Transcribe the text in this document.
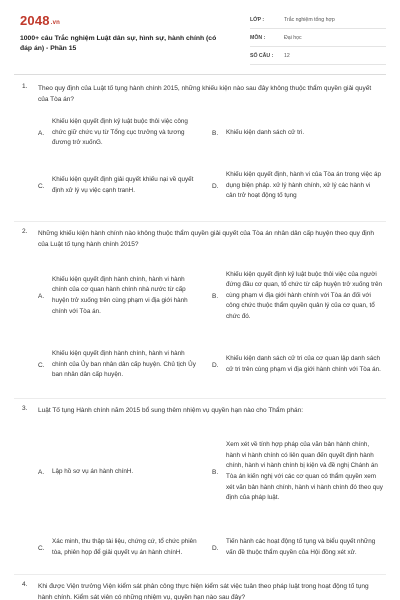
2048.vn
1000+ câu Trắc nghiệm Luật dân sự, hình sự, hành chính (có đáp án) - Phần 15
LỚP :	Trắc nghiệm tổng hợp
MÔN :	Đại học
SỐ CÂU :	12
1. Theo quy định của Luật tố tụng hành chính 2015, những khiếu kiện nào sau đây không thuộc thẩm quyền giải quyết của Tòa án?
A.
Khiếu kiện quyết định kỷ luật buộc thôi việc công chức giữ chức vụ từ Tổng cục trưởng và tương đương trở xuốnG.
B.	Khiếu kiện danh sách cử tri.
C.
Khiếu kiện quyết định giải quyết khiếu nại về quyết định xử lý vụ việc cạnh tranH.
D.
Khiếu kiện quyết định, hành vi của Tòa án trong việc áp dụng biện pháp. xử lý hành chính, xử lý các hành vi cản trở hoạt động tố tụng
2. Những khiếu kiện hành chính nào không thuộc thẩm quyền giải quyết của Tòa án nhân dân cấp huyện theo quy định của Luật tố tụng hành chính 2015?
A.
Khiếu kiện quyết định hành chính, hành vi hành chính của cơ quan hành chính nhà nước từ cấp huyện trở xuống trên cùng phạm vi địa giới hành chính với Tòa án.
B.
Khiếu kiện quyết định kỷ luật buộc thôi việc của người đứng đầu cơ quan, tổ chức từ cấp huyện trở xuống trên cùng phạm vi địa giới hành chính với Tòa án đối với công chức thuộc thẩm quyền quản lý của cơ quan, tổ chức đó.
C.
Khiếu kiện quyết định hành chính, hành vi hành chính của Ủy ban nhân dân cấp huyện. Chủ tịch Ủy ban nhân dân cấp huyện.
D.
Khiếu kiện danh sách cử tri của cơ quan lập danh sách cử tri trên cùng phạm vi địa giới hành chính với Tòa án.
3. Luật Tố tụng Hành chính năm 2015 bổ sung thêm nhiệm vụ quyền hạn nào cho Thẩm phán:
A.	Lập hồ sơ vụ án hành chínH.	B.
Xem xét về tính hợp pháp của văn bản hành chính, hành vi hành chính có liên quan đến quyết định hành chính, hành vi hành chính bị kiện và đề nghị Chánh án Tòa án kiến nghị với các cơ quan có thẩm quyền xem xét văn bản hành chính, hành vi hành chính đó theo quy định của pháp luật.
C.
Xác minh, thu thập tài liệu, chứng cứ, tổ chức phiên tòa, phiên họp để giải quyết vụ án hành chínH.
D.
Tiến hành các hoạt động tố tụng và biểu quyết những vấn đề thuộc thẩm quyền của Hội đồng xét xử.
4. Khi được Viện trưởng Viện kiểm sát phân công thực hiện kiểm sát việc tuân theo pháp luật trong hoạt động tố tụng hành chính. Kiểm sát viên có những nhiệm vụ, quyền hạn nào sau đây?
